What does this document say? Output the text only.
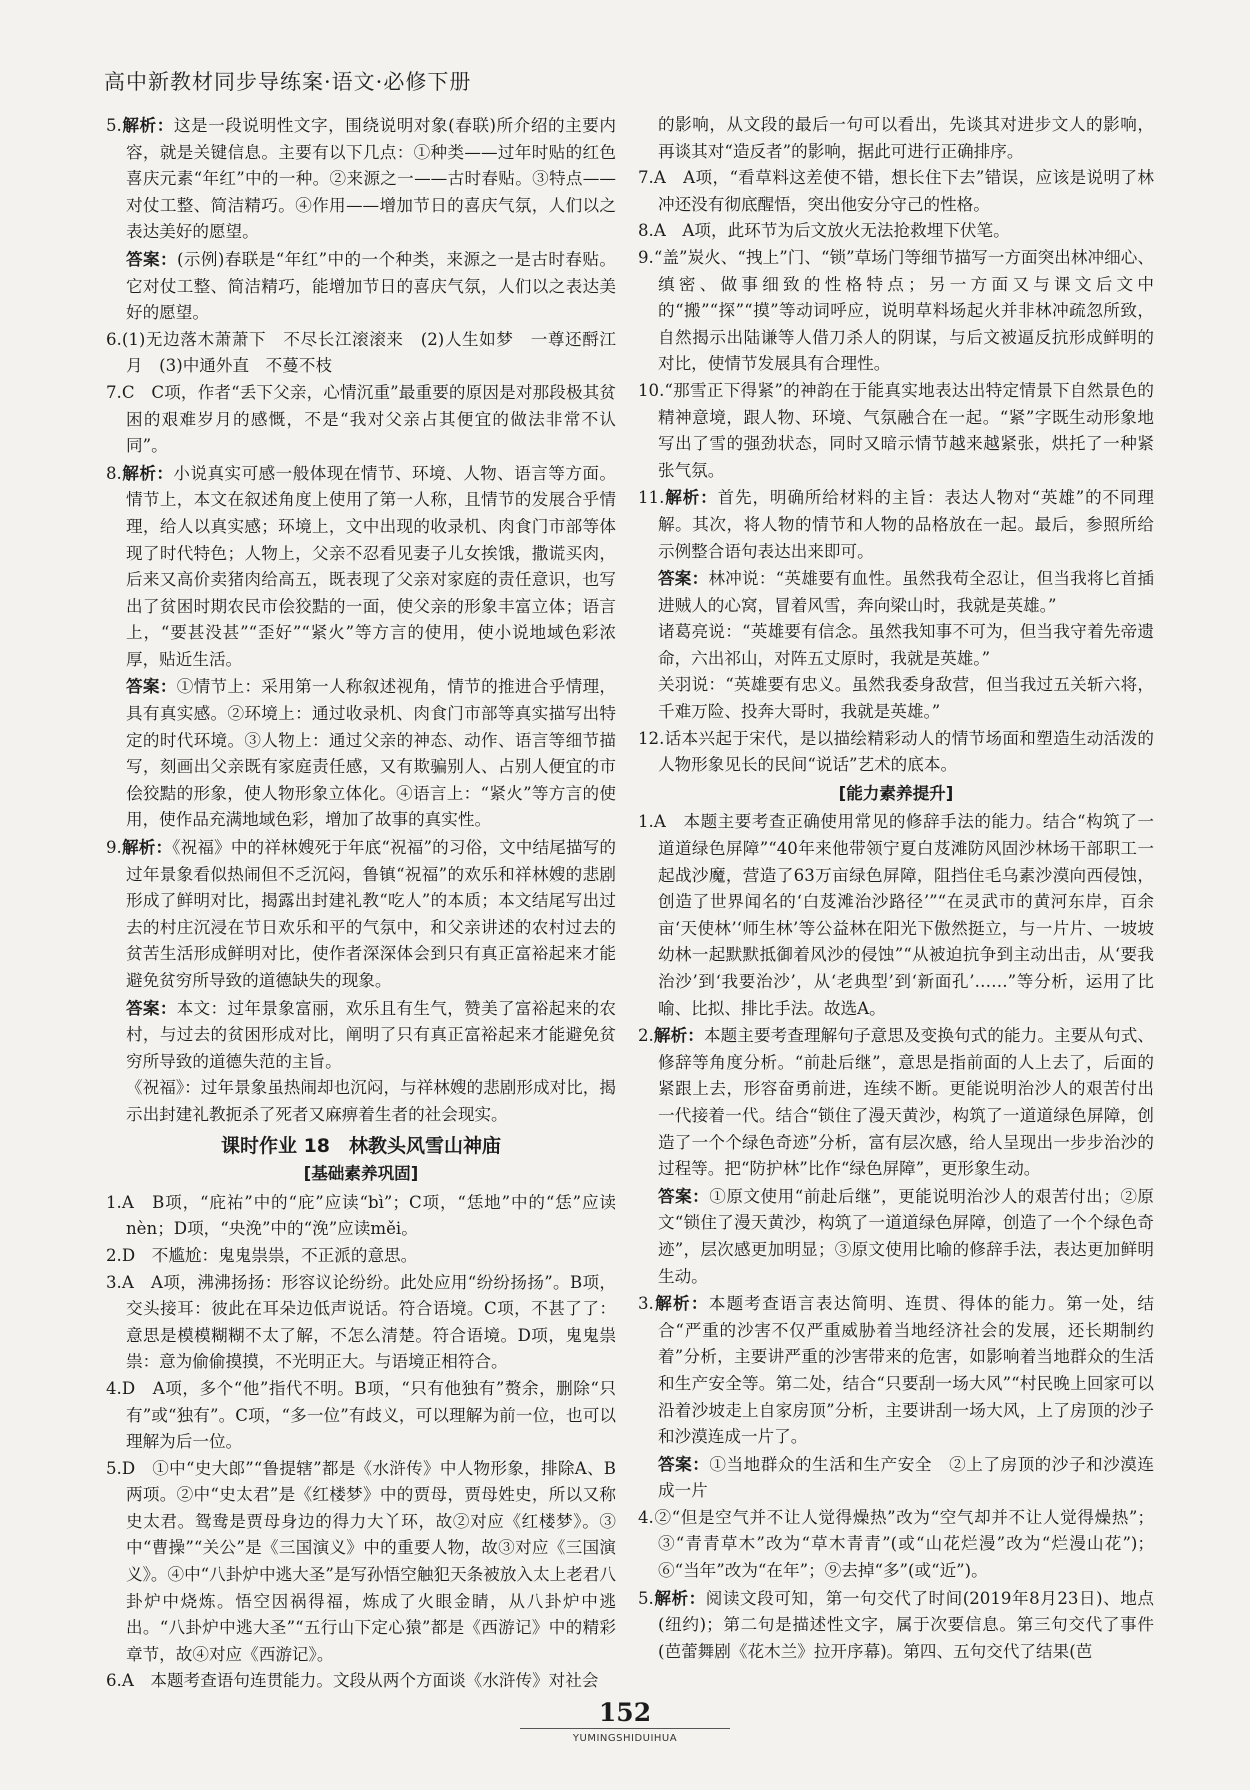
高中新教材同步导练案·语文·必修下册

5.解析：这是一段说明性文字，围绕说明对象(春联)所介绍的主要内容，就是关键信息。主要有以下几点：①种类——过年时贴的红色喜庆元素“年红”中的一种。②来源之一——古时春贴。③特点——对仗工整、简洁精巧。④作用——增加节日的喜庆气氛，人们以之表达美好的愿望。

答案：(示例)春联是“年红”中的一个种类，来源之一是古时春贴。它对仗工整、简洁精巧，能增加节日的喜庆气氛，人们以之表达美好的愿望。

6.(1)无边落木萧萧下　不尽长江滚滚来　(2)人生如梦　一尊还酹江月　(3)中通外直　不蔓不枝

7.C　C项，作者“丢下父亲，心情沉重”最重要的原因是对那段极其贫困的艰难岁月的感慨，不是“我对父亲占其便宜的做法非常不认同”。

8.解析：小说真实可感一般体现在情节、环境、人物、语言等方面。情节上，本文在叙述角度上使用了第一人称，且情节的发展合乎情理，给人以真实感；环境上，文中出现的收录机、肉食门市部等体现了时代特色；人物上，父亲不忍看见妻子儿女挨饿，撒谎买肉，后来又高价卖猪肉给高五，既表现了父亲对家庭的责任意识，也写出了贫困时期农民市侩狡黠的一面，使父亲的形象丰富立体；语言上，“要甚没甚”“歪好”“紧火”等方言的使用，使小说地域色彩浓厚，贴近生活。

答案：①情节上：采用第一人称叙述视角，情节的推进合乎情理，具有真实感。②环境上：通过收录机、肉食门市部等真实描写出特定的时代环境。③人物上：通过父亲的神态、动作、语言等细节描写，刻画出父亲既有家庭责任感，又有欺骗别人、占别人便宜的市侩狡黠的形象，使人物形象立体化。④语言上：“紧火”等方言的使用，使作品充满地域色彩，增加了故事的真实性。

9.解析：《祝福》中的祥林嫂死于年底“祝福”的习俗，文中结尾描写的过年景象看似热闹但不乏沉闷，鲁镇“祝福”的欢乐和祥林嫂的悲剧形成了鲜明对比，揭露出封建礼教“吃人”的本质；本文结尾写出过去的村庄沉浸在节日欢乐和平的气氛中，和父亲讲述的农村过去的贫苦生活形成鲜明对比，使作者深深体会到只有真正富裕起来才能避免贫穷所导致的道德缺失的现象。

答案：本文：过年景象富丽，欢乐且有生气，赞美了富裕起来的农村，与过去的贫困形成对比，阐明了只有真正富裕起来才能避免贫穷所导致的道德失范的主旨。

《祝福》：过年景象虽热闹却也沉闷，与祥林嫂的悲剧形成对比，揭示出封建礼教扼杀了死者又麻痹着生者的社会现实。

课时作业 18　林教头风雪山神庙
[基础素养巩固]

1.A　B项，“庇祐”中的“庇”应读“bì”；C项，“恁地”中的“恁”应读nèn；D项，“央浼”中的“浼”应读měi。

2.D　不尴尬：鬼鬼祟祟，不正派的意思。

3.A　A项，沸沸扬扬：形容议论纷纷。此处应用“纷纷扬扬”。B项，交头接耳：彼此在耳朵边低声说话。符合语境。C项，不甚了了：意思是模模糊糊不太了解，不怎么清楚。符合语境。D项，鬼鬼祟祟：意为偷偷摸摸，不光明正大。与语境正相符合。

4.D　A项，多个“他”指代不明。B项，“只有他独有”赘余，删除“只有”或“独有”。C项，“多一位”有歧义，可以理解为前一位，也可以理解为后一位。

5.D　①中“史大郎”“鲁提辖”都是《水浒传》中人物形象，排除A、B两项。②中“史太君”是《红楼梦》中的贾母，贾母姓史，所以又称史太君。鸳鸯是贾母身边的得力大丫环，故②对应《红楼梦》。③中“曹操”“关公”是《三国演义》中的重要人物，故③对应《三国演义》。④中“八卦炉中逃大圣”是写孙悟空触犯天条被放入太上老君八卦炉中烧炼。悟空因祸得福，炼成了火眼金睛，从八卦炉中逃出。“八卦炉中逃大圣”“五行山下定心猿”都是《西游记》中的精彩章节，故④对应《西游记》。

6.A　本题考查语句连贯能力。文段从两个方面谈《水浒传》对社会

的影响，从文段的最后一句可以看出，先谈其对进步文人的影响，再谈其对“造反者”的影响，据此可进行正确排序。

7.A　A项，“看草料这差使不错，想长住下去”错误，应该是说明了林冲还没有彻底醒悟，突出他安分守己的性格。

8.A　A项，此环节为后文放火无法抢救埋下伏笔。

9.“盖”炭火、“拽上”门、“锁”草场门等细节描写一方面突出林冲细心、缜密、做事细致的性格特点；另一方面又与课文后文中的“搬”“探”“摸”等动词呼应，说明草料场起火并非林冲疏忽所致，自然揭示出陆谦等人借刀杀人的阴谋，与后文被逼反抗形成鲜明的对比，使情节发展具有合理性。

10.“那雪正下得紧”的神韵在于能真实地表达出特定情景下自然景色的精神意境，跟人物、环境、气氛融合在一起。“紧”字既生动形象地写出了雪的强劲状态，同时又暗示情节越来越紧张，烘托了一种紧张气氛。

11.解析：首先，明确所给材料的主旨：表达人物对“英雄”的不同理解。其次，将人物的情节和人物的品格放在一起。最后，参照所给示例整合语句表达出来即可。

答案：林冲说：“英雄要有血性。虽然我苟全忍让，但当我将匕首插进贼人的心窝，冒着风雪，奔向梁山时，我就是英雄。”

诸葛亮说：“英雄要有信念。虽然我知事不可为，但当我守着先帝遗命，六出祁山，对阵五丈原时，我就是英雄。”

关羽说：“英雄要有忠义。虽然我委身敌营，但当我过五关斩六将，千难万险、投奔大哥时，我就是英雄。”

12.话本兴起于宋代，是以描绘精彩动人的情节场面和塑造生动活泼的人物形象见长的民间“说话”艺术的底本。

[能力素养提升]

1.A　本题主要考查正确使用常见的修辞手法的能力。结合“构筑了一道道绿色屏障”“40年来他带领宁夏白芨滩防风固沙林场干部职工一起战沙魔，营造了63万亩绿色屏障，阻挡住毛乌素沙漠向西侵蚀，创造了世界闻名的‘白芨滩治沙路径’”“在灵武市的黄河东岸，百余亩‘天使林’‘师生林’等公益林在阳光下傲然挺立，与一片片、一坡坡幼林一起默默抵御着风沙的侵蚀”“从被迫抗争到主动出击，从‘要我治沙’到‘我要治沙’，从‘老典型’到‘新面孔’……”等分析，运用了比喻、比拟、排比手法。故选A。

2.解析：本题主要考查理解句子意思及变换句式的能力。主要从句式、修辞等角度分析。“前赴后继”，意思是指前面的人上去了，后面的紧跟上去，形容奋勇前进，连续不断。更能说明治沙人的艰苦付出一代接着一代。结合“锁住了漫天黄沙，构筑了一道道绿色屏障，创造了一个个绿色奇迹”分析，富有层次感，给人呈现出一步步治沙的过程等。把“防护林”比作“绿色屏障”，更形象生动。

答案：①原文使用“前赴后继”，更能说明治沙人的艰苦付出；②原文“锁住了漫天黄沙，构筑了一道道绿色屏障，创造了一个个绿色奇迹”，层次感更加明显；③原文使用比喻的修辞手法，表达更加鲜明生动。

3.解析：本题考查语言表达简明、连贯、得体的能力。第一处，结合“严重的沙害不仅严重威胁着当地经济社会的发展，还长期制约着”分析，主要讲严重的沙害带来的危害，如影响着当地群众的生活和生产安全等。第二处，结合“只要刮一场大风”“村民晚上回家可以沿着沙坡走上自家房顶”分析，主要讲刮一场大风，上了房顶的沙子和沙漠连成一片了。

答案：①当地群众的生活和生产安全　②上了房顶的沙子和沙漠连成一片

4.②“但是空气并不让人觉得燥热”改为“空气却并不让人觉得燥热”；③“青青草木”改为“草木青青”(或“山花烂漫”改为“烂漫山花”)；⑥“当年”改为“在年”；⑨去掉“多”(或“近”)。

5.解析：阅读文段可知，第一句交代了时间(2019年8月23日)、地点(纽约)；第二句是描述性文字，属于次要信息。第三句交代了事件(芭蕾舞剧《花木兰》拉开序幕)。第四、五句交代了结果(芭

152
YUMINGSHIDUIHUA
